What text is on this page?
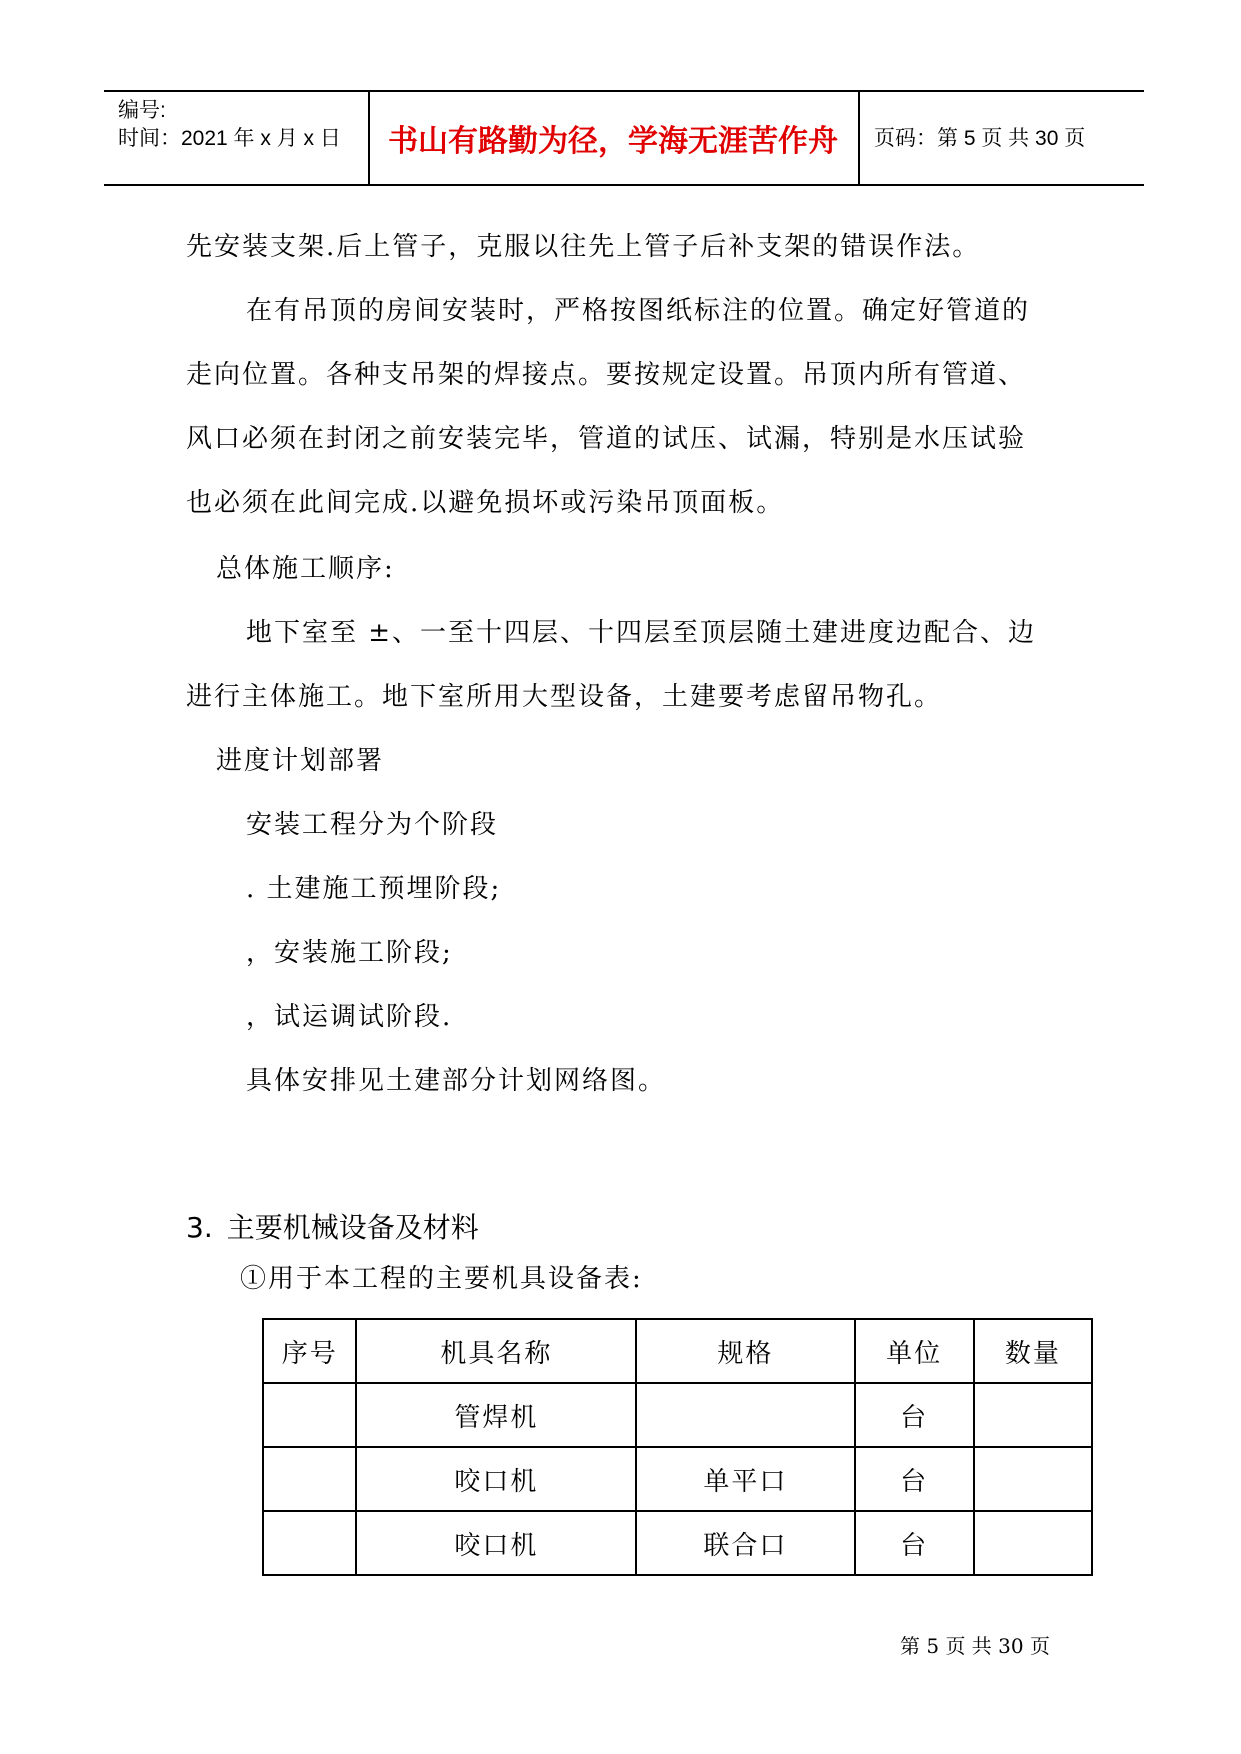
编号:
时间：2021 年 x 月 x 日	书山有路勤为径，学海无涯苦作舟	页码：第 5 页 共 30 页
先安装支架.后上管子，克服以往先上管子后补支架的错误作法。
在有吊顶的房间安装时，严格按图纸标注的位置。确定好管道的
走向位置。各种支吊架的焊接点。要按规定设置。吊顶内所有管道、
风口必须在封闭之前安装完毕，管道的试压、试漏，特别是水压试验
也必须在此间完成.以避免损坏或污染吊顶面板。
总体施工顺序:
地下室至 ±、一至十四层、十四层至顶层随土建进度边配合、边
进行主体施工。地下室所用大型设备，土建要考虑留吊物孔。
进度计划部署
安装工程分为个阶段
. 土建施工预埋阶段;
，安装施工阶段;
，试运调试阶段.
具体安排见土建部分计划网络图。
3. 主要机械设备及材料
①用于本工程的主要机具设备表:
序号	机具名称	规格	单位	数量
	管焊机		台	
	咬口机	单平口	台	
	咬口机	联合口	台	
第 5 页 共 30 页
